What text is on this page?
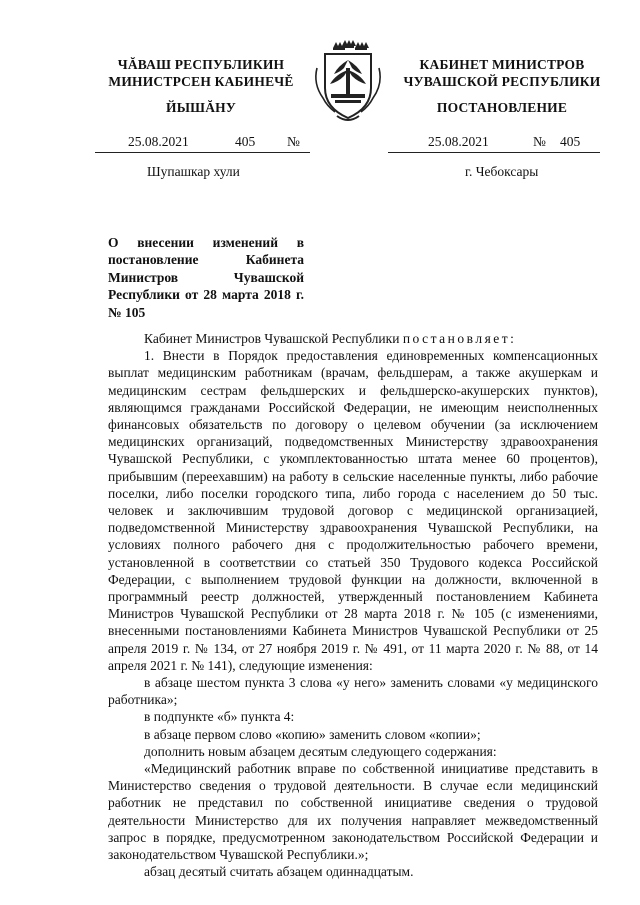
ЧĂВАШ РЕСПУБЛИКИН
МИНИСТРСЕН КАБИНЕЧĚ
КАБИНЕТ МИНИСТРОВ
ЧУВАШСКОЙ РЕСПУБЛИКИ
ЙЫШĂНУ	ПОСТАНОВЛЕНИЕ
25.08.2021	405 №	25.08.2021	№ 405
Шупашкар хули	г. Чебоксары
О внесении изменений в постановление Кабинета Министров Чувашской Республики от 28 марта 2018 г. № 105

Кабинет Министров Чувашской Республики постановляет:

1. Внести в Порядок предоставления единовременных компенсационных выплат медицинским работникам (врачам, фельдшерам, а также акушеркам и медицинским сестрам фельдшерских и фельдшерско-акушерских пунктов), являющимся гражданами Российской Федерации, не имеющим неисполненных финансовых обязательств по договору о целевом обучении (за исключением медицинских организаций, подведомственных Министерству здравоохранения Чувашской Республики, с укомплектованностью штата менее 60 процентов), прибывшим (переехавшим) на работу в сельские населенные пункты, либо рабочие поселки, либо поселки городского типа, либо города с населением до 50 тыс. человек и заключившим трудовой договор с медицинской организацией, подведомственной Министерству здравоохранения Чувашской Республики, на условиях полного рабочего дня с продолжительностью рабочего времени, установленной в соответствии со статьей 350 Трудового кодекса Российской Федерации, с выполнением трудовой функции на должности, включенной в программный реестр должностей, утвержденный постановлением Кабинета Министров Чувашской Республики от 28 марта 2018 г. № 105 (с изменениями, внесенными постановлениями Кабинета Министров Чувашской Республики от 25 апреля 2019 г. № 134, от 27 ноября 2019 г. № 491, от 11 марта 2020 г. № 88, от 14 апреля 2021 г. № 141), следующие изменения:

в абзаце шестом пункта 3 слова «у него» заменить словами «у медицинского работника»;

в подпункте «б» пункта 4:

в абзаце первом слово «копию» заменить словом «копии»;

дополнить новым абзацем десятым следующего содержания:

«Медицинский работник вправе по собственной инициативе представить в Министерство сведения о трудовой деятельности. В случае если медицинский работник не представил по собственной инициативе сведения о трудовой деятельности Министерство для их получения направляет межведомственный запрос в порядке, предусмотренном законодательством Российской Федерации и законодательством Чувашской Республики.»;

абзац десятый считать абзацем одиннадцатым.
